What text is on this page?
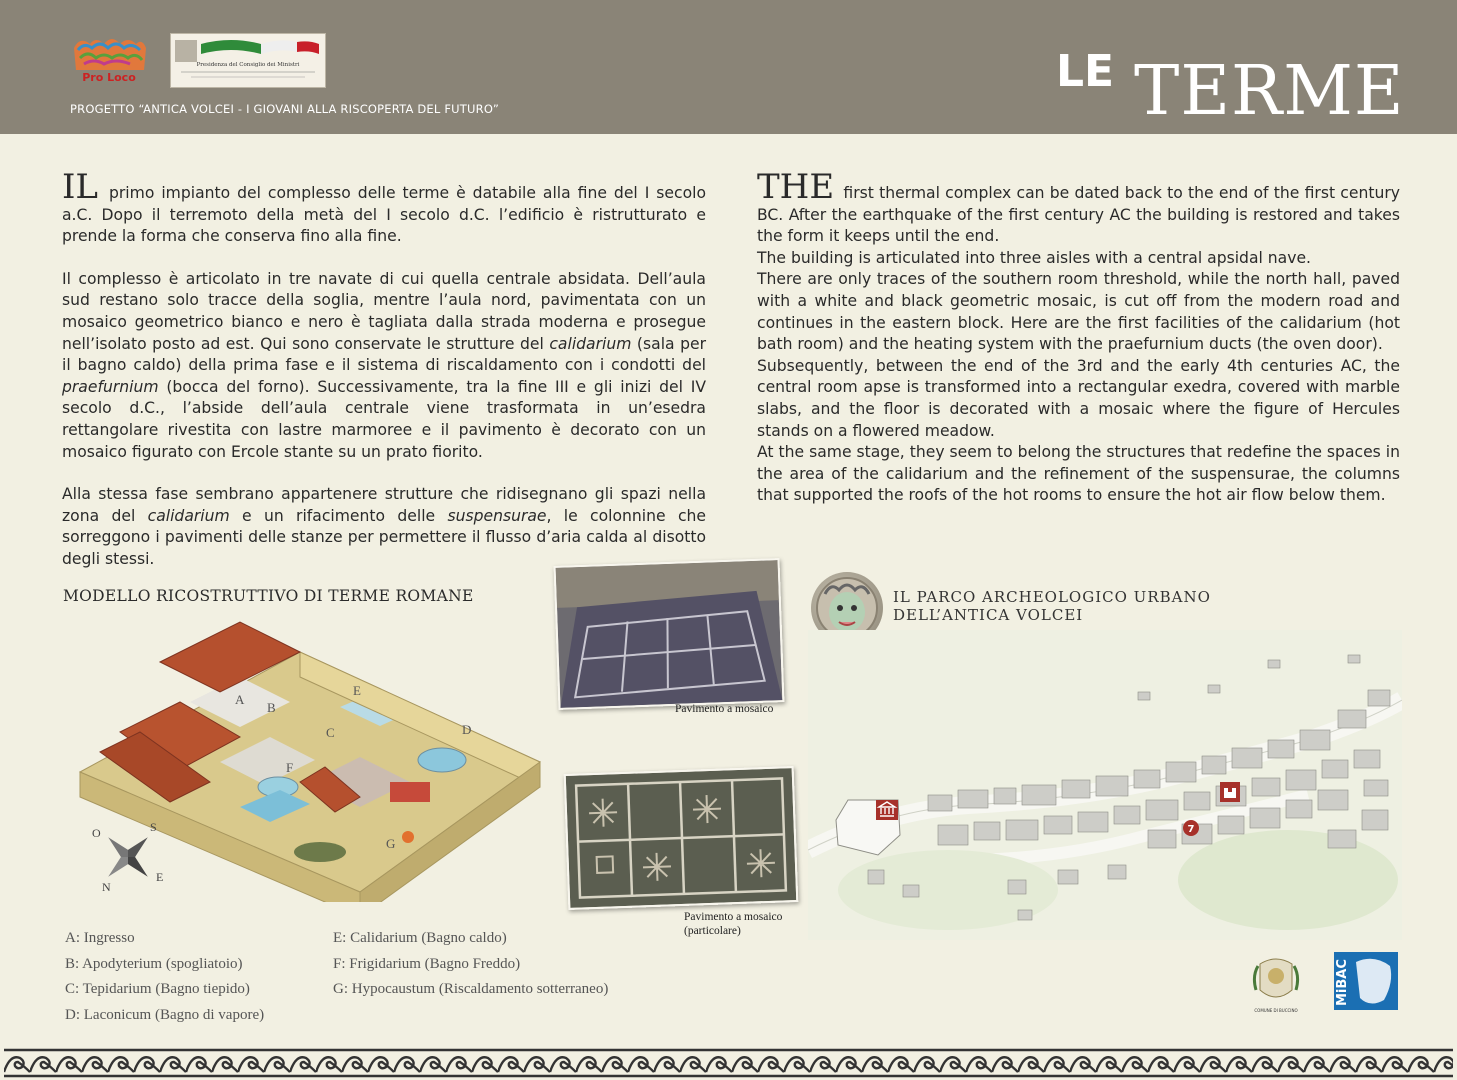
Pro Loco
Presidenza del Consiglio dei Ministri
PROGETTO “ANTICA VOLCEI - I GIOVANI ALLA RISCOPERTA DEL FUTURO”
LE TERME

IL primo impianto del complesso delle terme è databile alla fine del I secolo a.C. Dopo il terremoto della metà del I secolo d.C. l’edificio è ristrutturato e prende la forma che conserva fino alla fine.

Il complesso è articolato in tre navate di cui quella centrale absidata. Dell’aula sud restano solo tracce della soglia, mentre l’aula nord, pavimentata con un mosaico geometrico bianco e nero è tagliata dalla strada moderna e prosegue nell’isolato posto ad est. Qui sono conservate le strutture del calidarium (sala per il bagno caldo) della prima fase e il sistema di riscaldamento con i condotti del praefurnium (bocca del forno). Successivamente, tra la fine III e gli inizi del IV secolo d.C., l’abside dell’aula centrale viene trasformata in un’esedra rettangolare rivestita con lastre marmoree e il pavimento è decorato con un mosaico figurato con Ercole stante su un prato fiorito.

Alla stessa fase sembrano appartenere strutture che ridisegnano gli spazi nella zona del calidarium e un rifacimento delle suspensurae, le colonnine che sorreggono i pavimenti delle stanze per permettere il flusso d’aria calda al disotto degli stessi.

THE first thermal complex can be dated back to the end of the first century BC. After the earthquake of the first century AC the building is restored and takes the form it keeps until the end.

The building is articulated into three aisles with a central apsidal nave.

There are only traces of the southern room threshold, while the north hall, paved with a white and black geometric mosaic, is cut off from the modern road and continues in the eastern block. Here are the first facilities of the calidarium (hot bath room) and the heating system with the praefurnium ducts (the oven door).

Subsequently, between the end of the 3rd and the early 4th centuries AC, the central room apse is transformed into a rectangular exedra, covered with marble slabs, and the floor is decorated with a mosaic where the figure of Hercules stands on a flowered meadow.

At the same stage, they seem to belong the structures that redefine the spaces in the area of the calidarium and the refinement of the suspensurae, the columns that supported the roofs of the hot rooms to ensure the hot air flow below them.

MODELLO RICOSTRUTTIVO DI TERME ROMANE
A
B
C	D
E
F
G
O	S
N
E
A: Ingresso
B: Apodyterium (spogliatoio)
C: Tepidarium (Bagno tiepido)
D: Laconicum (Bagno di vapore)
E: Calidarium (Bagno caldo)
F: Frigidarium (Bagno Freddo)
G: Hypocaustum (Riscaldamento sotterraneo)
Pavimento a mosaico
Pavimento a mosaico
(particolare)
IL PARCO ARCHEOLOGICO URBANO
DELL’ANTICA VOLCEI
7
COMUNE DI BUCCINO
MiBAC
